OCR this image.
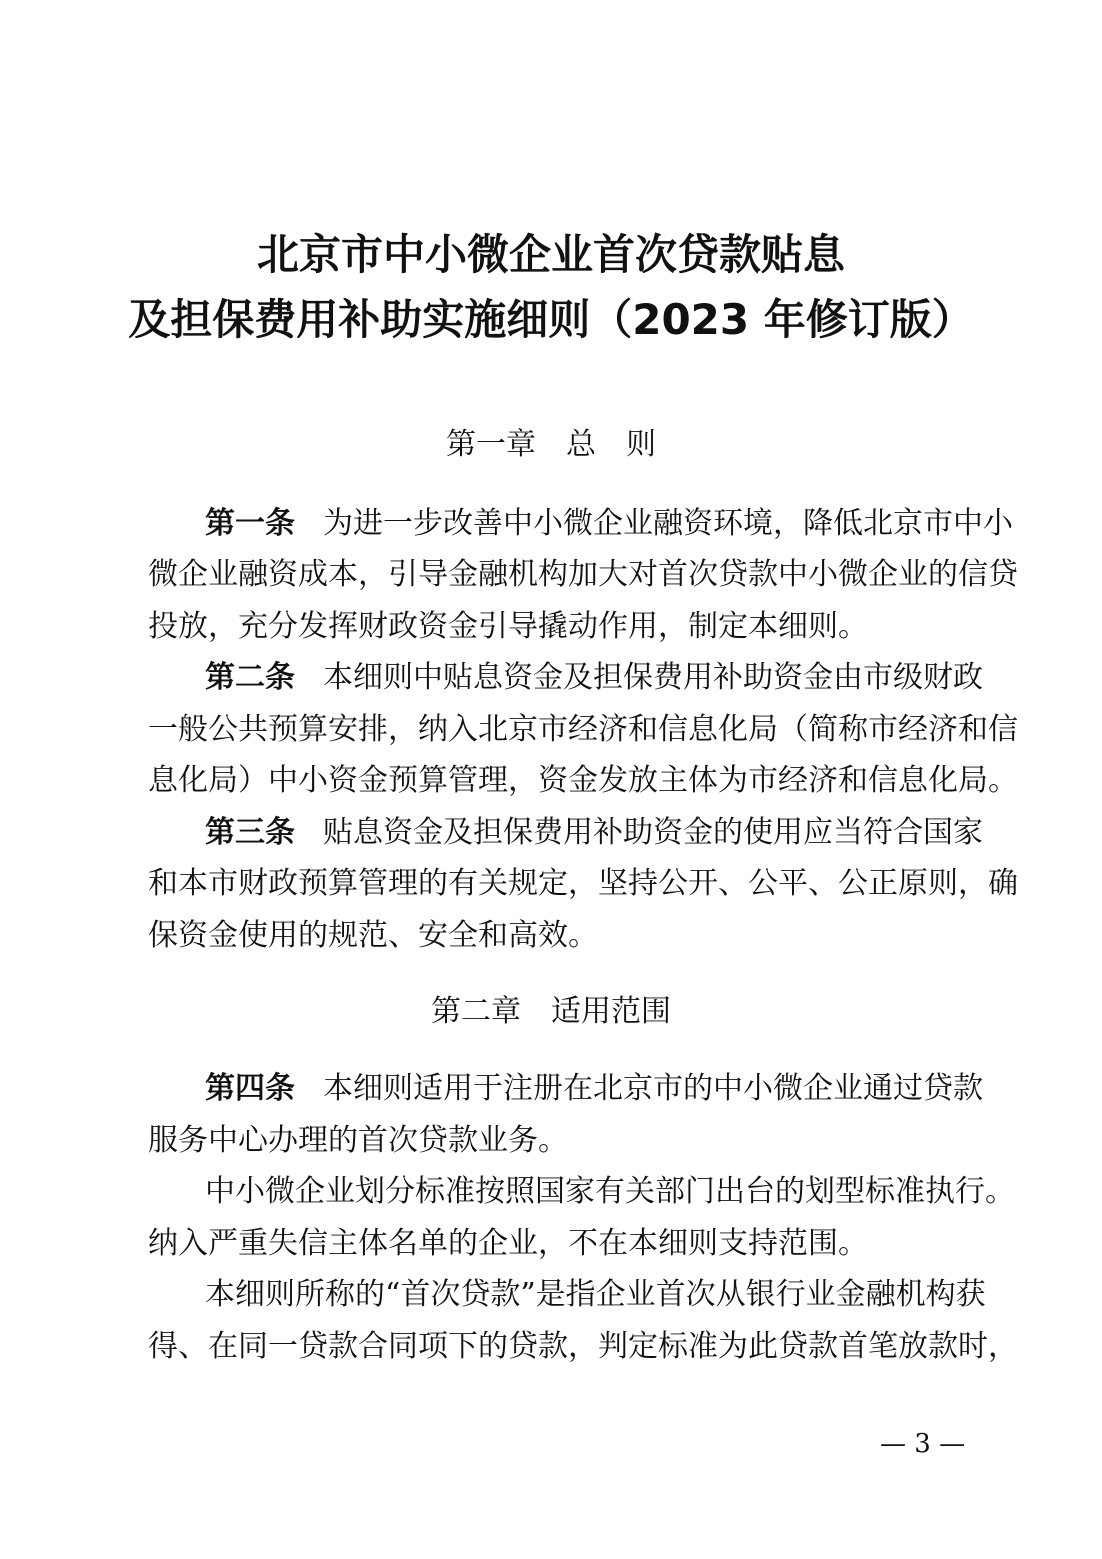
北京市中小微企业首次贷款贴息
及担保费用补助实施细则（2023 年修订版）
第一章　总　则
第一条 为进一步改善中小微企业融资环境，降低北京市中小
微企业融资成本，引导金融机构加大对首次贷款中小微企业的信贷
投放，充分发挥财政资金引导撬动作用，制定本细则。
第二条 本细则中贴息资金及担保费用补助资金由市级财政
一般公共预算安排，纳入北京市经济和信息化局（简称市经济和信
息化局）中小资金预算管理，资金发放主体为市经济和信息化局。
第三条 贴息资金及担保费用补助资金的使用应当符合国家
和本市财政预算管理的有关规定，坚持公开、公平、公正原则，确
保资金使用的规范、安全和高效。
第二章　适用范围
第四条 本细则适用于注册在北京市的中小微企业通过贷款
服务中心办理的首次贷款业务。
中小微企业划分标准按照国家有关部门出台的划型标准执行。
纳入严重失信主体名单的企业，不在本细则支持范围。
本细则所称的“首次贷款”是指企业首次从银行业金融机构获
得、在同一贷款合同项下的贷款，判定标准为此贷款首笔放款时，
— 3 —
